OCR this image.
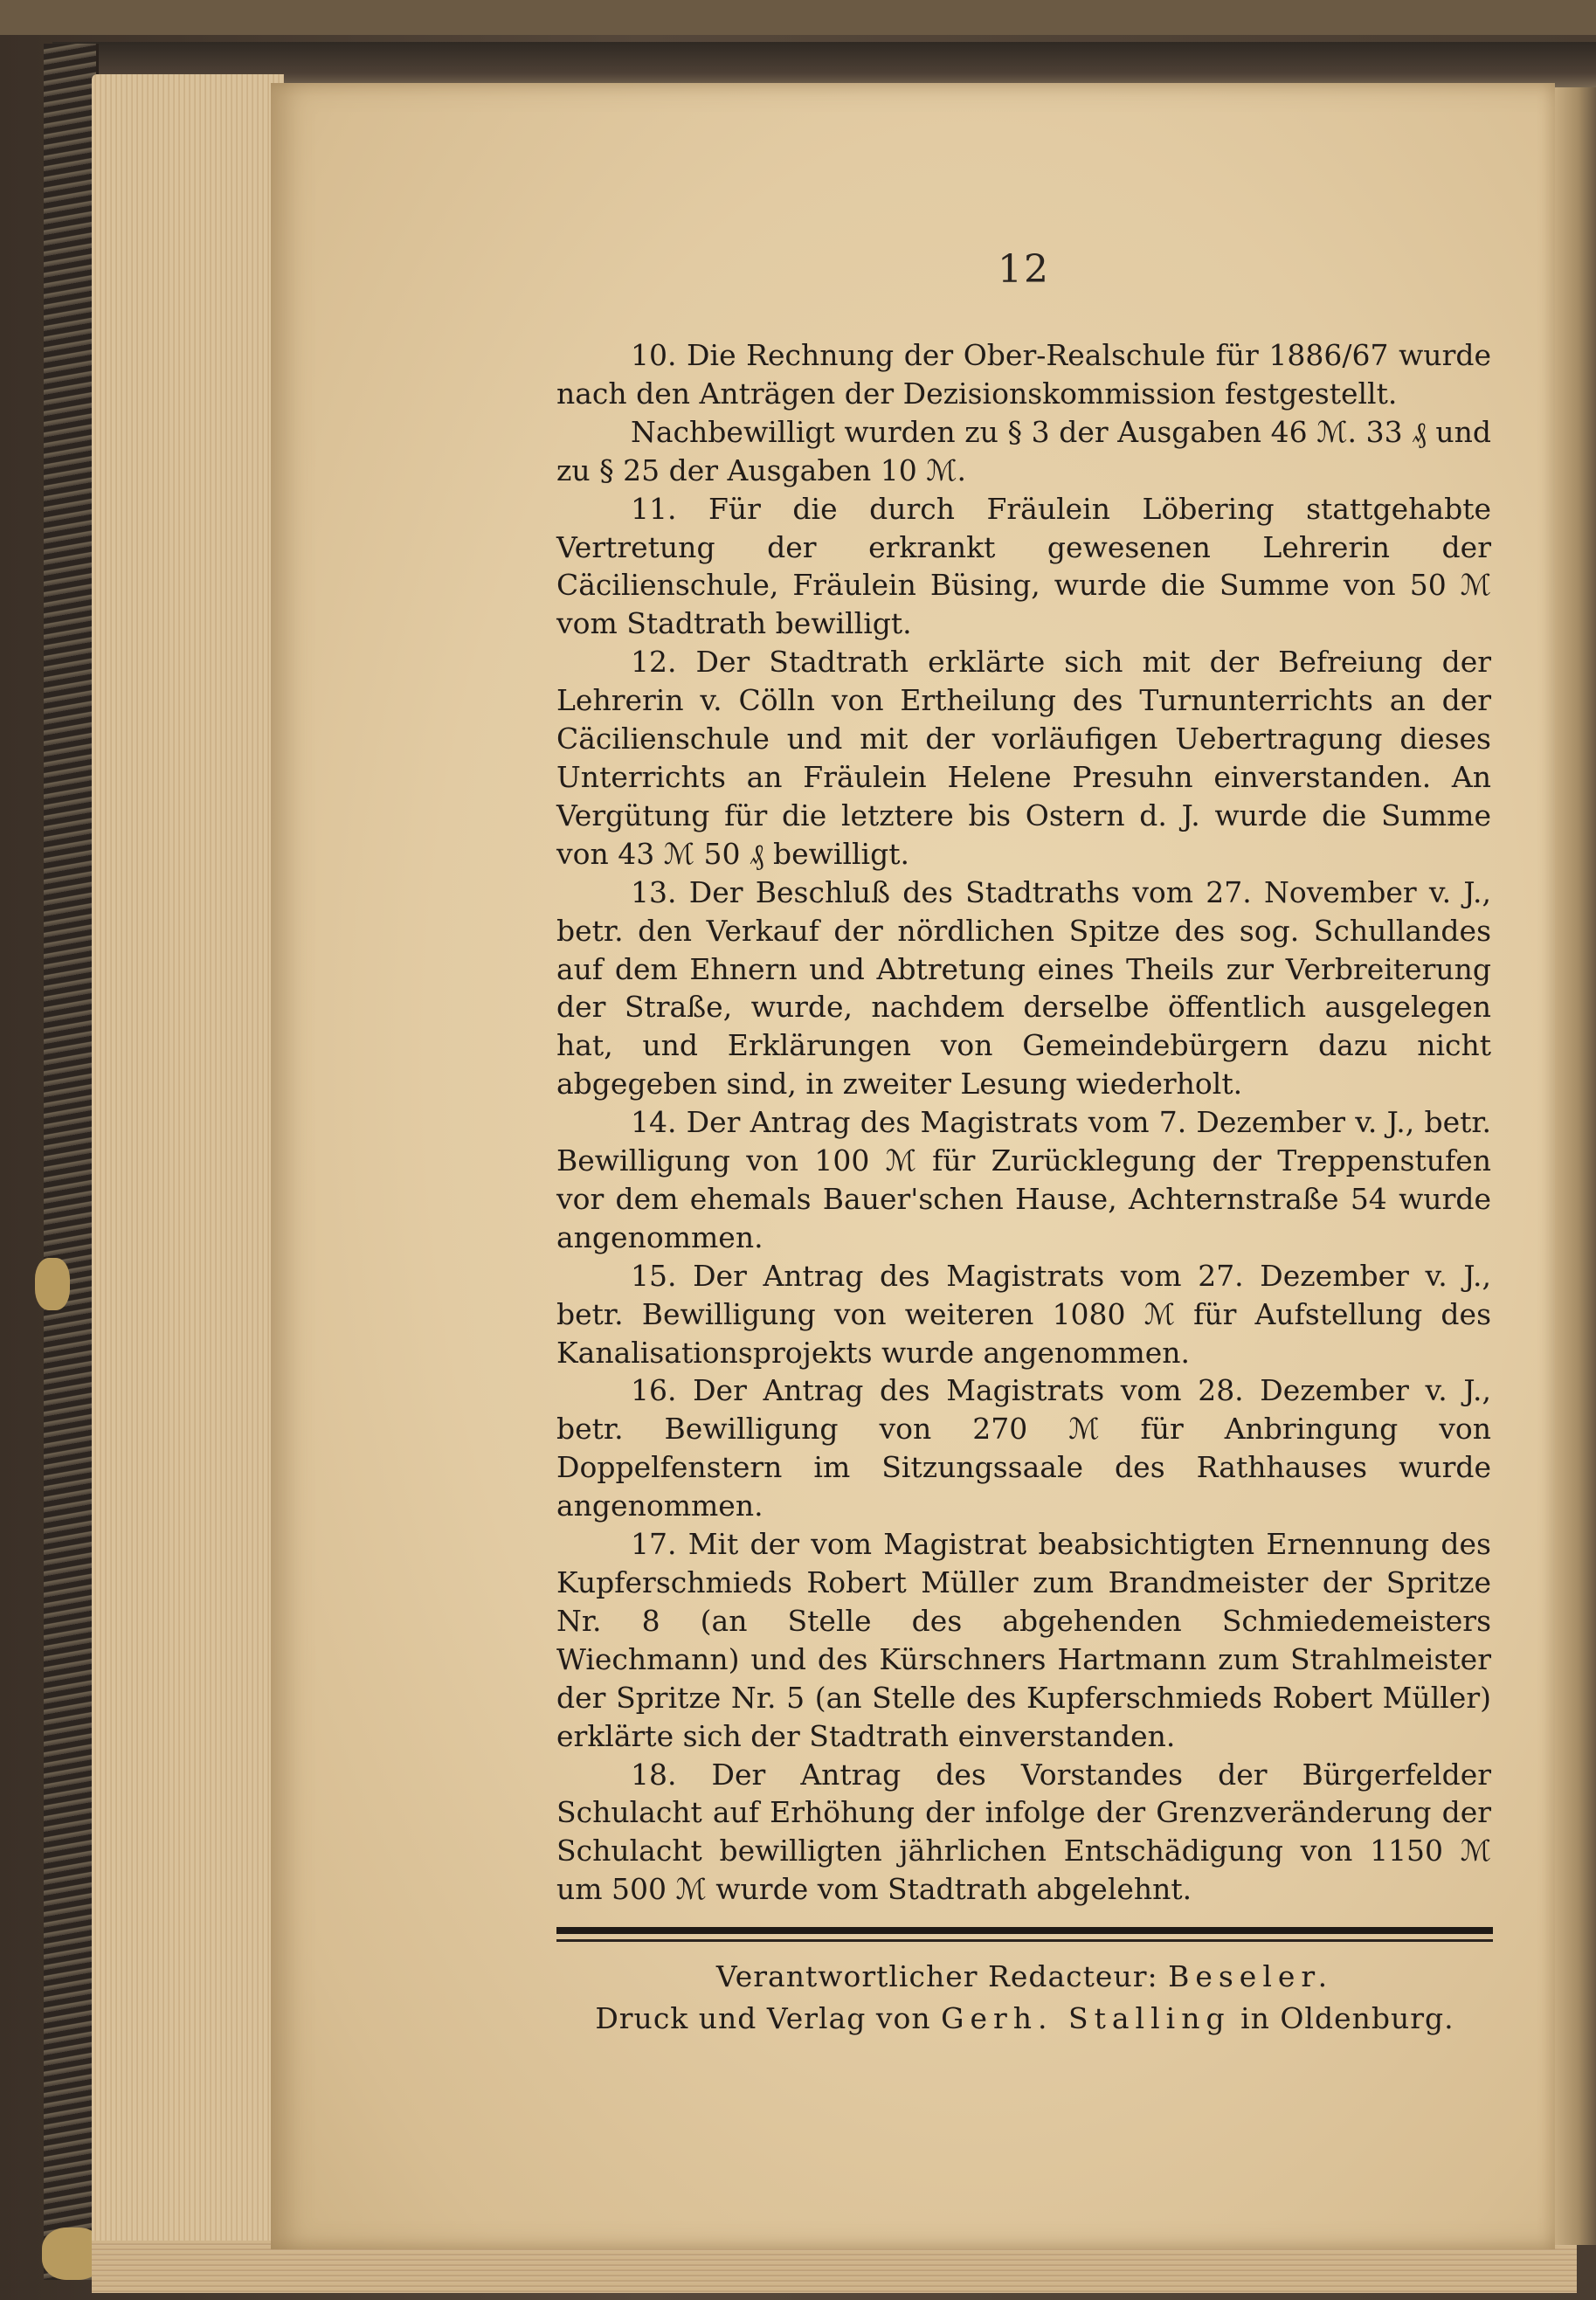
12

10. Die Rechnung der Ober-Realschule für 1886/67 wurde nach den Anträgen der Dezisionskommission festgestellt.

Nachbewilligt wurden zu § 3 der Ausgaben 46 ℳ. 33 ₰ und zu § 25 der Ausgaben 10 ℳ.

11. Für die durch Fräulein Löbering stattgehabte Vertretung der erkrankt gewesenen Lehrerin der Cäcilienschule, Fräulein Büsing, wurde die Summe von 50 ℳ vom Stadtrath bewilligt.

12. Der Stadtrath erklärte sich mit der Befreiung der Lehrerin v. Cölln von Ertheilung des Turnunterrichts an der Cäcilienschule und mit der vorläufigen Uebertragung dieses Unterrichts an Fräulein Helene Presuhn einverstanden. An Vergütung für die letztere bis Ostern d. J. wurde die Summe von 43 ℳ 50 ₰ bewilligt.

13. Der Beschluß des Stadtraths vom 27. November v. J., betr. den Verkauf der nördlichen Spitze des sog. Schullandes auf dem Ehnern und Abtretung eines Theils zur Verbreiterung der Straße, wurde, nachdem derselbe öffentlich ausgelegen hat, und Erklärungen von Gemeindebürgern dazu nicht abgegeben sind, in zweiter Lesung wiederholt.

14. Der Antrag des Magistrats vom 7. Dezember v. J., betr. Bewilligung von 100 ℳ für Zurücklegung der Treppenstufen vor dem ehemals Bauer'schen Hause, Achternstraße 54 wurde angenommen.

15. Der Antrag des Magistrats vom 27. Dezember v. J., betr. Bewilligung von weiteren 1080 ℳ für Aufstellung des Kanalisationsprojekts wurde angenommen.

16. Der Antrag des Magistrats vom 28. Dezember v. J., betr. Bewilligung von 270 ℳ für Anbringung von Doppelfenstern im Sitzungssaale des Rathhauses wurde angenommen.

17. Mit der vom Magistrat beabsichtigten Ernennung des Kupferschmieds Robert Müller zum Brandmeister der Spritze Nr. 8 (an Stelle des abgehenden Schmiedemeisters Wiechmann) und des Kürschners Hartmann zum Strahlmeister der Spritze Nr. 5 (an Stelle des Kupferschmieds Robert Müller) erklärte sich der Stadtrath einverstanden.

18. Der Antrag des Vorstandes der Bürgerfelder Schulacht auf Erhöhung der infolge der Grenzveränderung der Schulacht bewilligten jährlichen Entschädigung von 1150 ℳ um 500 ℳ wurde vom Stadtrath abgelehnt.

Verantwortlicher Redacteur: Beseler.
Druck und Verlag von Gerh. Stalling in Oldenburg.
